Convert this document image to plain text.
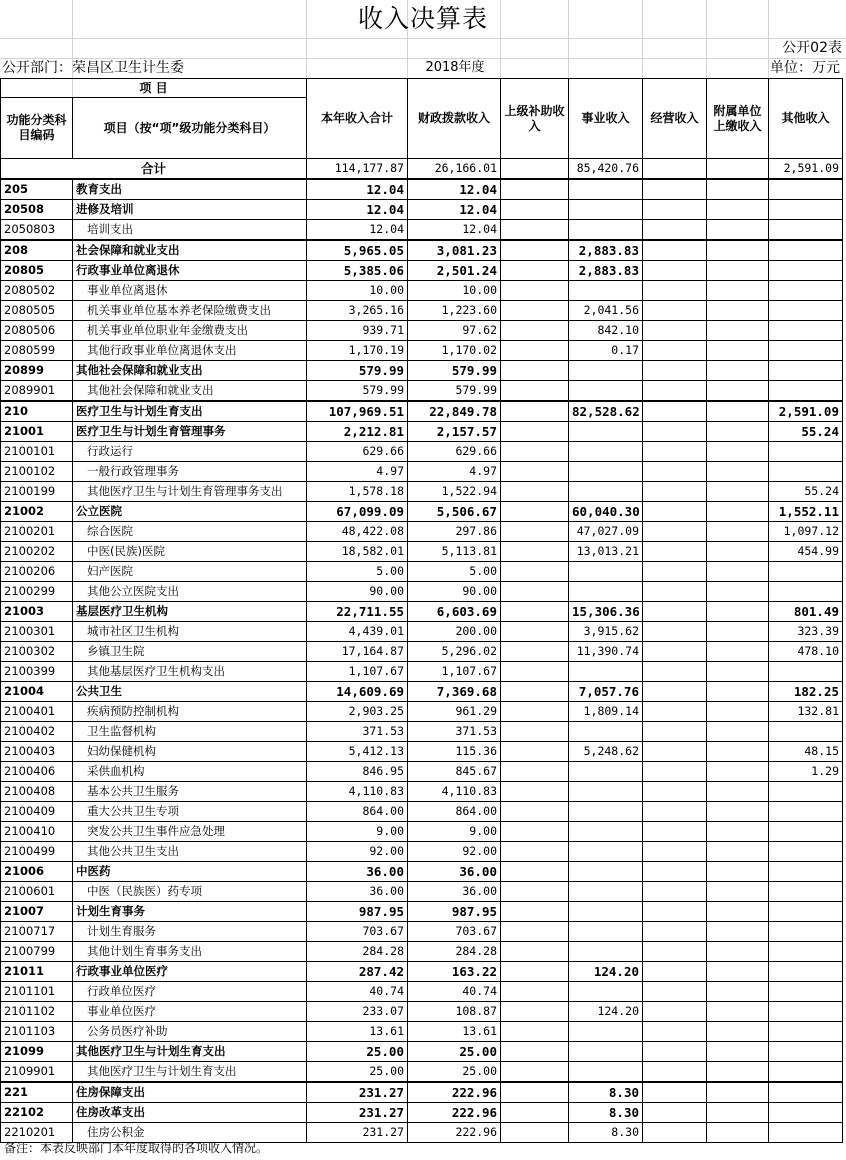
收入决算表
公开02表
公开部门：荣昌区卫生计生委	2018年度	单位：万元
项 目		本年收入合计	财政拨款收入	上级补助收入	事业收入	经营收入	附属单位上缴收入	其他收入
功能分类科目编码	项目（按“项”级功能分类科目）							
合计		114,177.87	26,166.01		85,420.76			2,591.09
205	教育支出	12.04	12.04					
20508	进修及培训	12.04	12.04					
2050803	培训支出	12.04	12.04					
208	社会保障和就业支出	5,965.05	3,081.23		2,883.83			
20805	行政事业单位离退休	5,385.06	2,501.24		2,883.83			
2080502	事业单位离退休	10.00	10.00					
2080505	机关事业单位基本养老保险缴费支出	3,265.16	1,223.60		2,041.56			
2080506	机关事业单位职业年金缴费支出	939.71	97.62		842.10			
2080599	其他行政事业单位离退休支出	1,170.19	1,170.02		0.17			
20899	其他社会保障和就业支出	579.99	579.99					
2089901	其他社会保障和就业支出	579.99	579.99					
210	医疗卫生与计划生育支出	107,969.51	22,849.78		82,528.62			2,591.09
21001	医疗卫生与计划生育管理事务	2,212.81	2,157.57					55.24
2100101	行政运行	629.66	629.66					
2100102	一般行政管理事务	4.97	4.97					
2100199	其他医疗卫生与计划生育管理事务支出	1,578.18	1,522.94					55.24
21002	公立医院	67,099.09	5,506.67		60,040.30			1,552.11
2100201	综合医院	48,422.08	297.86		47,027.09			1,097.12
2100202	中医(民族)医院	18,582.01	5,113.81		13,013.21			454.99
2100206	妇产医院	5.00	5.00					
2100299	其他公立医院支出	90.00	90.00					
21003	基层医疗卫生机构	22,711.55	6,603.69		15,306.36			801.49
2100301	城市社区卫生机构	4,439.01	200.00		3,915.62			323.39
2100302	乡镇卫生院	17,164.87	5,296.02		11,390.74			478.10
2100399	其他基层医疗卫生机构支出	1,107.67	1,107.67					
21004	公共卫生	14,609.69	7,369.68		7,057.76			182.25
2100401	疾病预防控制机构	2,903.25	961.29		1,809.14			132.81
2100402	卫生监督机构	371.53	371.53					
2100403	妇幼保健机构	5,412.13	115.36		5,248.62			48.15
2100406	采供血机构	846.95	845.67					1.29
2100408	基本公共卫生服务	4,110.83	4,110.83					
2100409	重大公共卫生专项	864.00	864.00					
2100410	突发公共卫生事件应急处理	9.00	9.00					
2100499	其他公共卫生支出	92.00	92.00					
21006	中医药	36.00	36.00					
2100601	中医（民族医）药专项	36.00	36.00					
21007	计划生育事务	987.95	987.95					
2100717	计划生育服务	703.67	703.67					
2100799	其他计划生育事务支出	284.28	284.28					
21011	行政事业单位医疗	287.42	163.22		124.20			
2101101	行政单位医疗	40.74	40.74					
2101102	事业单位医疗	233.07	108.87		124.20			
2101103	公务员医疗补助	13.61	13.61					
21099	其他医疗卫生与计划生育支出	25.00	25.00					
2109901	其他医疗卫生与计划生育支出	25.00	25.00					
221	住房保障支出	231.27	222.96		8.30			
22102	住房改革支出	231.27	222.96		8.30			
2210201	住房公积金	231.27	222.96		8.30			
备注：本表反映部门本年度取得的各项收入情况。
